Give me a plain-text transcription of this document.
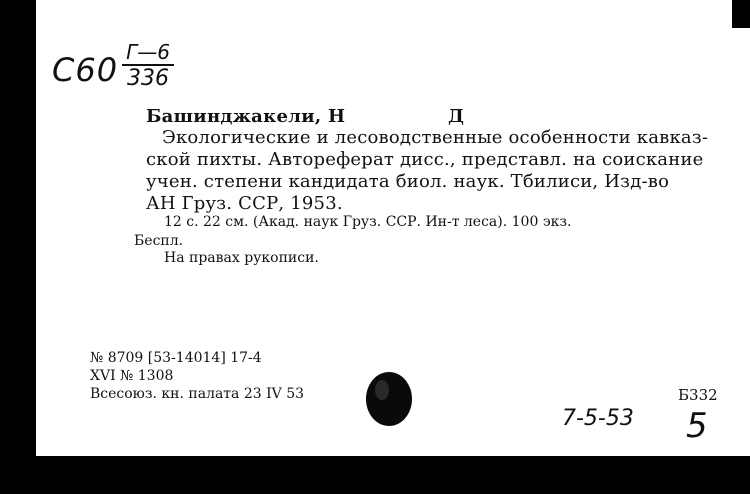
C60 Г—6
336
Башинджакели, Н	Д
Экологические и лесоводственные особенности кавказ-
ской пихты. Автореферат дисс., представл. на соискание
учен. степени кандидата биол. наук. Тбилиси, Изд-во
АН Груз. ССР, 1953.
12 с. 22 см. (Акад. наук Груз. ССР. Ин-т леса). 100 экз.
Беспл.
На правах рукописи.
№ 8709 [53-14014] 17-4
XVI № 1308
Всесоюз. кн. палата 23 IV 53	Б332
7-5-53 5
